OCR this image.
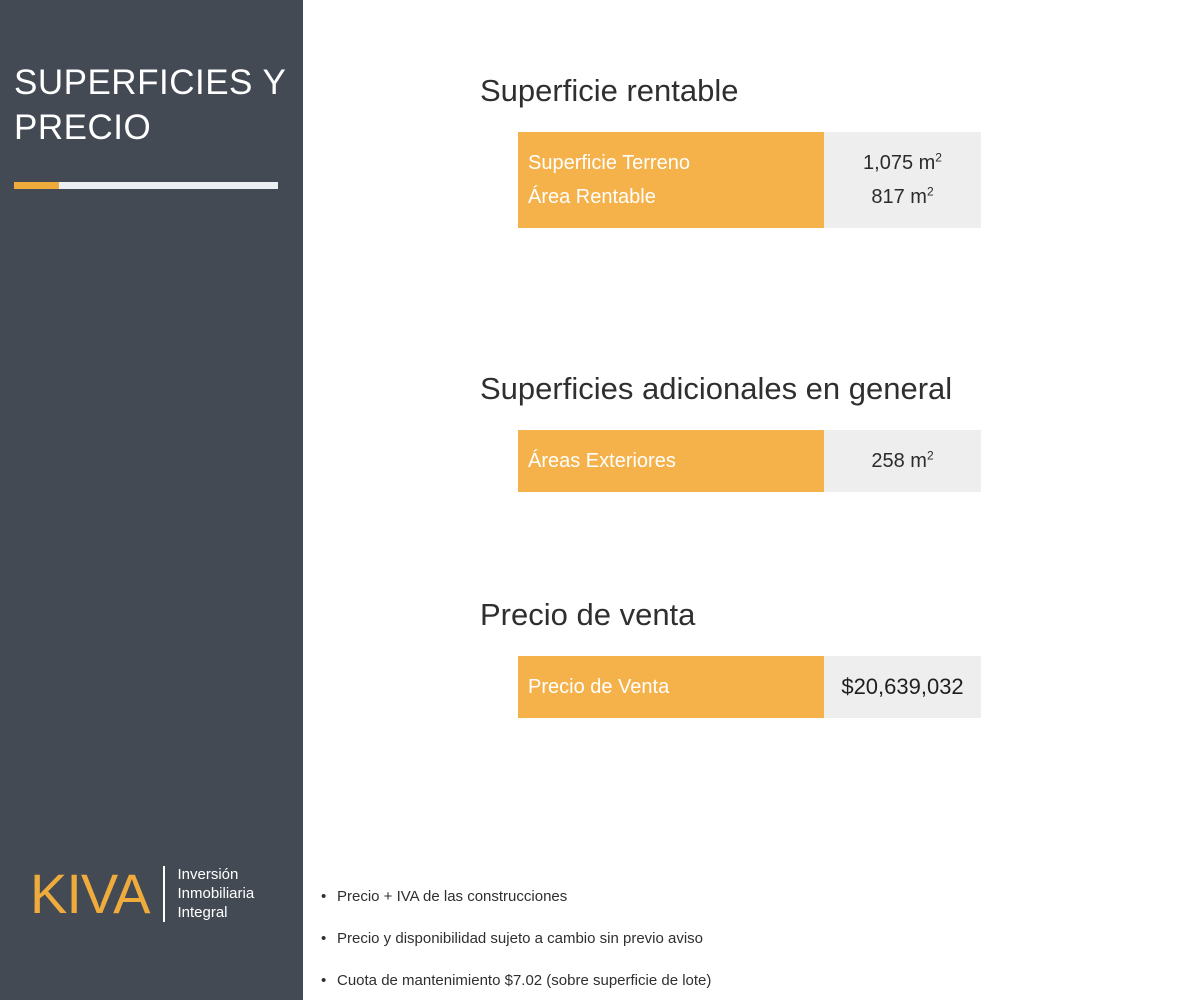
SUPERFICIES Y PRECIO
KIVA Inversión
Inmobiliaria
Integral
Superficie rentable
Superficie Terreno
Área Rentable
1,075 $m^2$
817 $m^2$
Superficies adicionales en general
Áreas Exteriores	258 $m^2$
Precio de venta
Precio de Venta	$20,639,032
• Precio + IVA de las construcciones
• Precio y disponibilidad sujeto a cambio sin previo aviso
• Cuota de mantenimiento $7.02 (sobre superficie de lote)
